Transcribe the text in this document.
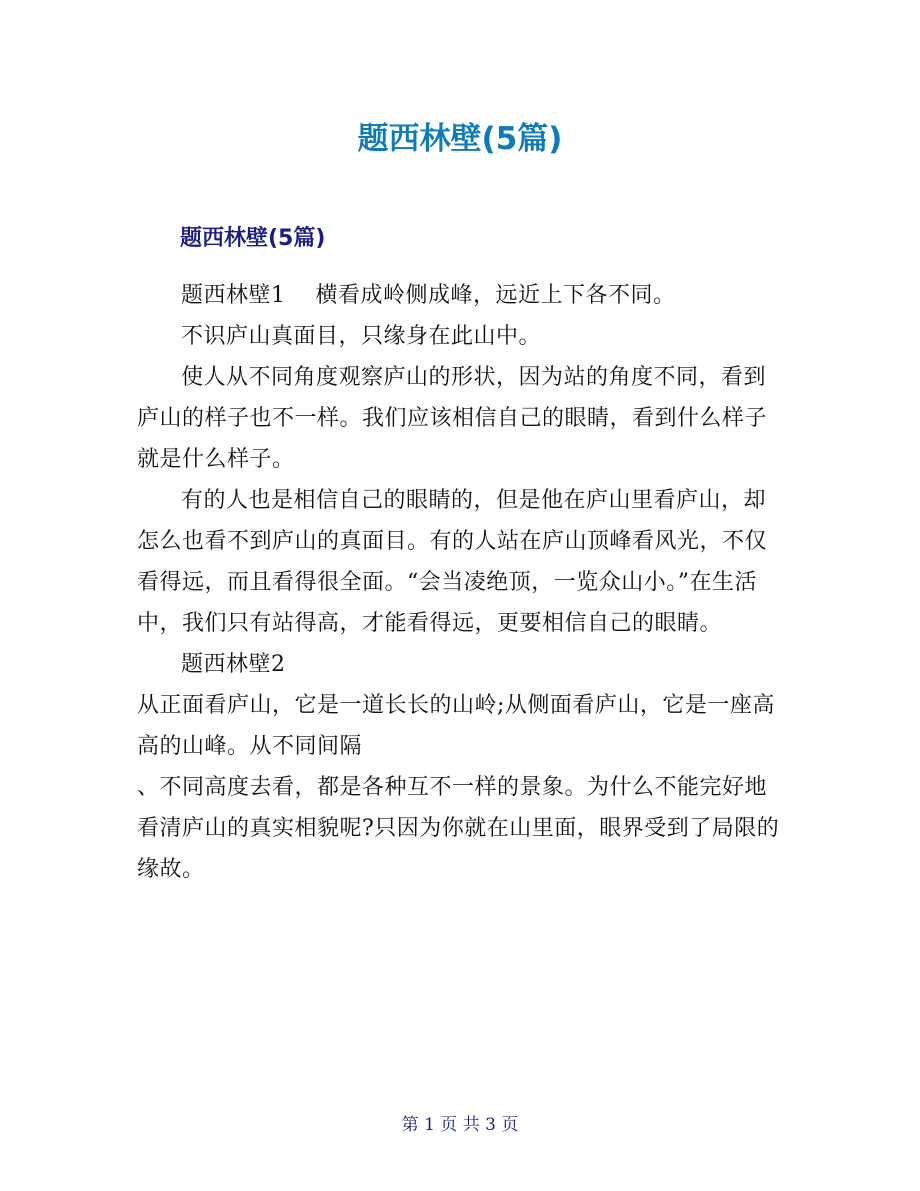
题西林壁(5篇)
题西林壁(5篇)

题西林壁1　 横看成岭侧成峰，远近上下各不同。

不识庐山真面目，只缘身在此山中。

使人从不同角度观察庐山的形状，因为站的角度不同，看到庐山的样子也不一样。我们应该相信自己的眼睛，看到什么样子就是什么样子。

有的人也是相信自己的眼睛的，但是他在庐山里看庐山，却怎么也看不到庐山的真面目。有的人站在庐山顶峰看风光，不仅看得远，而且看得很全面。“会当凌绝顶，一览众山小。”在生活中，我们只有站得高，才能看得远，更要相信自己的眼睛。

题西林壁2

从正面看庐山，它是一道长长的山岭;从侧面看庐山，它是一座高高的山峰。从不同间隔

、不同高度去看，都是各种互不一样的景象。为什么不能完好地看清庐山的真实相貌呢?只因为你就在山里面，眼界受到了局限的缘故。

第 1 页 共 3 页
